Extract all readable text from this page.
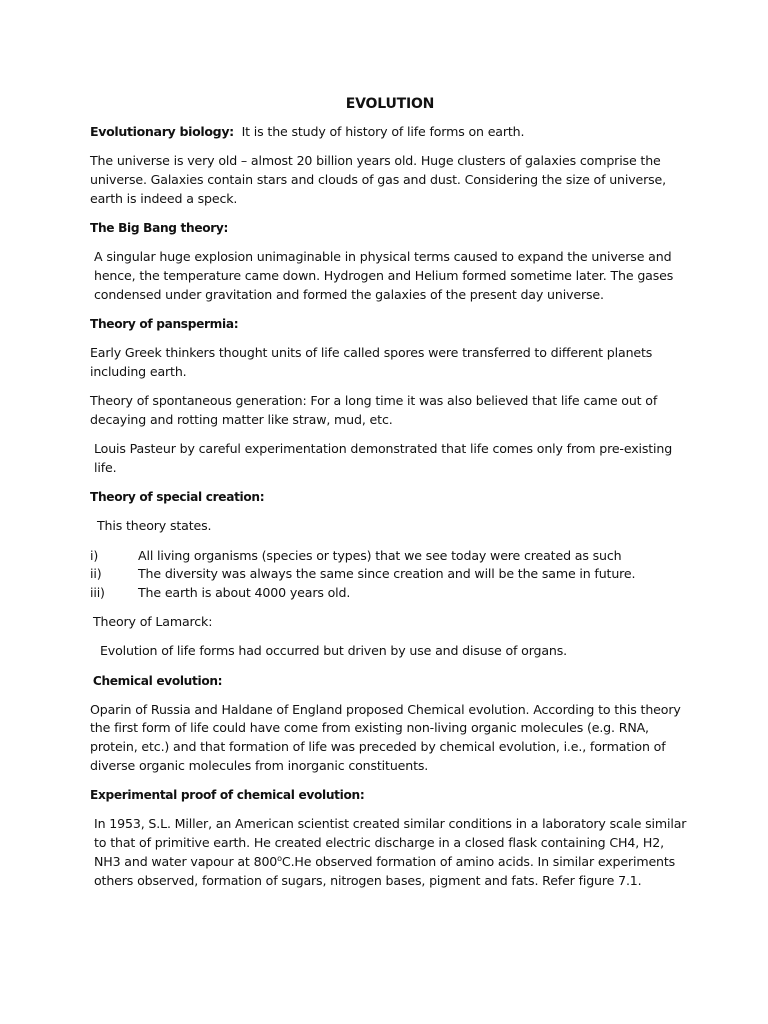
EVOLUTION
Evolutionary biology:  It is the study of history of life forms on earth.
The universe is very old – almost 20 billion years old. Huge clusters of galaxies comprise the universe. Galaxies contain stars and clouds of gas and dust. Considering the size of universe, earth is indeed a speck.
The Big Bang theory:
A singular huge explosion unimaginable in physical terms caused to expand the universe and hence, the temperature came down. Hydrogen and Helium formed sometime later. The gases condensed under gravitation and formed the galaxies of the present day universe.
Theory of panspermia:
Early Greek thinkers thought units of life called spores were transferred to different planets including earth.
Theory of spontaneous generation: For a long time it was also believed that life came out of decaying and rotting matter like straw, mud, etc.
Louis Pasteur by careful experimentation demonstrated that life comes only from pre-existing life.
Theory of special creation:
This theory states.
i)	All living organisms (species or types) that we see today were created as such
ii)	The diversity was always the same since creation and will be the same in future.
iii)	The earth is about 4000 years old.
Theory of Lamarck:
Evolution of life forms had occurred but driven by use and disuse of organs.
Chemical evolution:
Oparin of Russia and Haldane of England proposed Chemical evolution. According to this theory the first form of life could have come from existing non-living organic molecules (e.g. RNA, protein, etc.) and that formation of life was preceded by chemical evolution, i.e., formation of diverse organic molecules from inorganic constituents.
Experimental proof of chemical evolution:
In 1953, S.L. Miller, an American scientist created similar conditions in a laboratory scale similar to that of primitive earth. He created electric discharge in a closed flask containing CH4, H2, NH3 and water vapour at 800$^o$C.He observed formation of amino acids. In similar experiments others observed, formation of sugars, nitrogen bases, pigment and fats. Refer figure 7.1.
